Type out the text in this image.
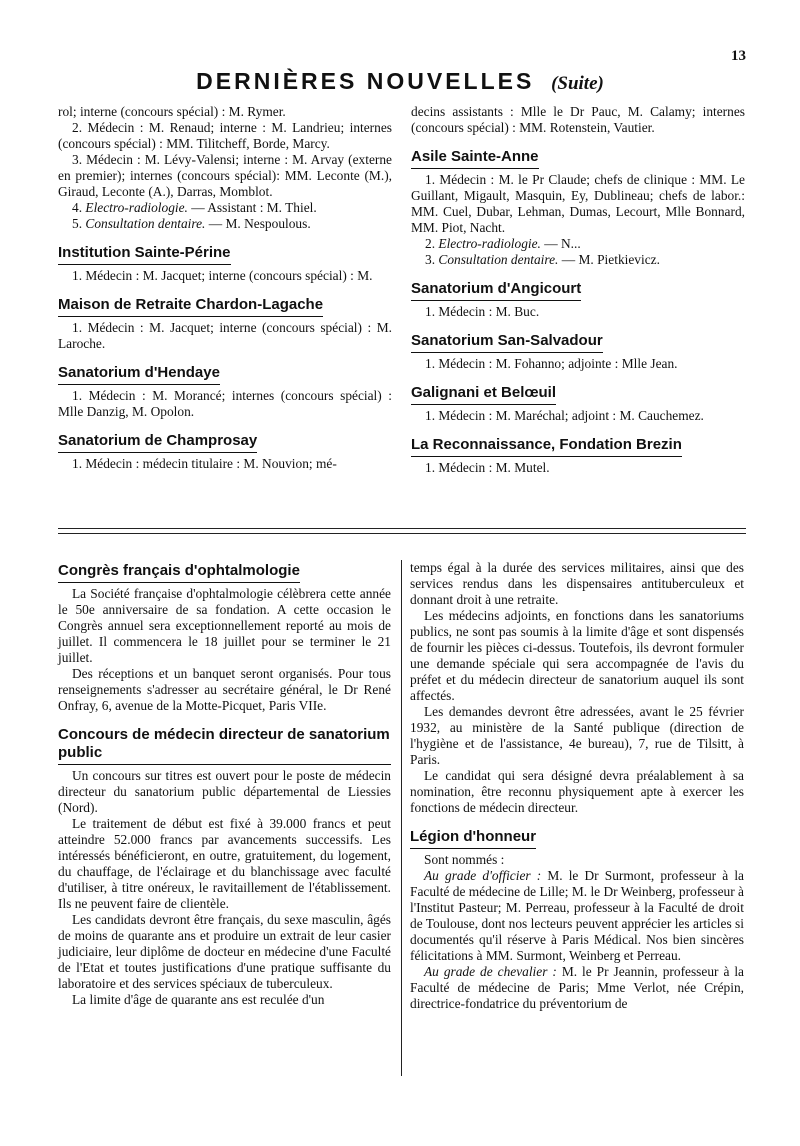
13
DERNIÈRES NOUVELLES (Suite)

rol; interne (concours spécial) : M. Rymer.

2. Médecin : M. Renaud; interne : M. Landrieu; internes (concours spécial) : MM. Tilitcheff, Borde, Marcy.

3. Médecin : M. Lévy-Valensi; interne : M. Arvay (externe en premier); internes (concours spécial): MM. Leconte (M.), Giraud, Leconte (A.), Darras, Momblot.

4. Electro-radiologie. — Assistant : M. Thiel.

5. Consultation dentaire. — M. Nespoulous.

Institution Sainte-Périne

1. Médecin : M. Jacquet; interne (concours spécial) : M.

Maison de Retraite Chardon-Lagache

1. Médecin : M. Jacquet; interne (concours spécial) : M. Laroche.

Sanatorium d'Hendaye

1. Médecin : M. Morancé; internes (concours spécial) : Mlle Danzig, M. Opolon.

Sanatorium de Champrosay

1. Médecin : médecin titulaire : M. Nouvion; mé-

decins assistants : Mlle le Dr Pauc, M. Calamy; internes (concours spécial) : MM. Rotenstein, Vautier.

Asile Sainte-Anne

1. Médecin : M. le Pr Claude; chefs de clinique : MM. Le Guillant, Migault, Masquin, Ey, Dublineau; chefs de labor.: MM. Cuel, Dubar, Lehman, Dumas, Lecourt, Mlle Bonnard, MM. Piot, Nacht.

2. Electro-radiologie. — N...

3. Consultation dentaire. — M. Pietkievicz.

Sanatorium d'Angicourt

1. Médecin : M. Buc.

Sanatorium San-Salvadour

1. Médecin : M. Fohanno; adjointe : Mlle Jean.

Galignani et Belœuil

1. Médecin : M. Maréchal; adjoint : M. Cauchemez.

La Reconnaissance, Fondation Brezin

1. Médecin : M. Mutel.

Congrès français d'ophtalmologie

La Société française d'ophtalmologie célèbrera cette année le 50e anniversaire de sa fondation. A cette occasion le Congrès annuel sera exceptionnellement reporté au mois de juillet. Il commencera le 18 juillet pour se terminer le 21 juillet.

Des réceptions et un banquet seront organisés. Pour tous renseignements s'adresser au secrétaire général, le Dr René Onfray, 6, avenue de la Motte-Picquet, Paris VIIe.

Concours de médecin directeur de sanatorium public

Un concours sur titres est ouvert pour le poste de médecin directeur du sanatorium public départemental de Liessies (Nord).

Le traitement de début est fixé à 39.000 francs et peut atteindre 52.000 francs par avancements successifs. Les intéressés bénéficieront, en outre, gratuitement, du logement, du chauffage, de l'éclairage et du blanchissage avec faculté d'utiliser, à titre onéreux, le ravitaillement de l'établissement. Ils ne peuvent faire de clientèle.

Les candidats devront être français, du sexe masculin, âgés de moins de quarante ans et produire un extrait de leur casier judiciaire, leur diplôme de docteur en médecine d'une Faculté de l'Etat et toutes justifications d'une pratique suffisante du laboratoire et des services spéciaux de tuberculeux.

La limite d'âge de quarante ans est reculée d'un

temps égal à la durée des services militaires, ainsi que des services rendus dans les dispensaires antituberculeux et donnant droit à une retraite.

Les médecins adjoints, en fonctions dans les sanatoriums publics, ne sont pas soumis à la limite d'âge et sont dispensés de fournir les pièces ci-dessus. Toutefois, ils devront formuler une demande spéciale qui sera accompagnée de l'avis du préfet et du médecin directeur de sanatorium auquel ils sont affectés.

Les demandes devront être adressées, avant le 25 février 1932, au ministère de la Santé publique (direction de l'hygiène et de l'assistance, 4e bureau), 7, rue de Tilsitt, à Paris.

Le candidat qui sera désigné devra préalablement à sa nomination, être reconnu physiquement apte à exercer les fonctions de médecin directeur.

Légion d'honneur

Sont nommés :

Au grade d'officier : M. le Dr Surmont, professeur à la Faculté de médecine de Lille; M. le Dr Weinberg, professeur à l'Institut Pasteur; M. Perreau, professeur à la Faculté de droit de Toulouse, dont nos lecteurs peuvent apprécier les articles si documentés qu'il réserve à Paris Médical. Nos bien sincères félicitations à MM. Surmont, Weinberg et Perreau.

Au grade de chevalier : M. le Pr Jeannin, professeur à la Faculté de médecine de Paris; Mme Verlot, née Crépin, directrice-fondatrice du préventorium de
